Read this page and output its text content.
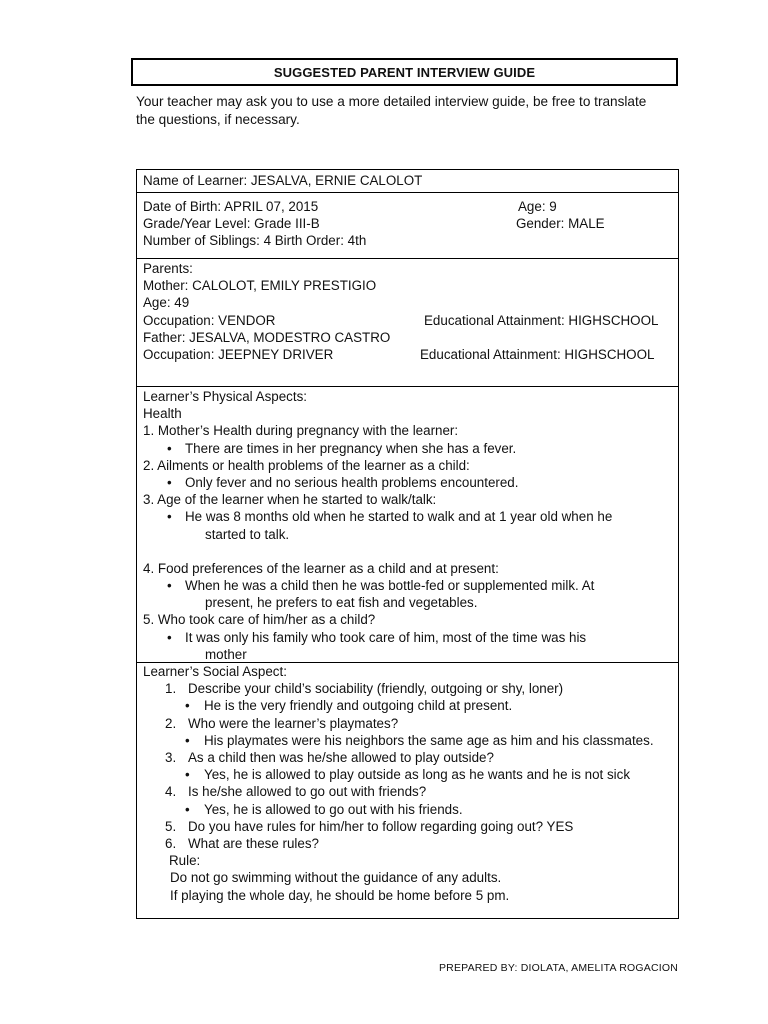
SUGGESTED PARENT INTERVIEW GUIDE
Your teacher may ask you to use a more detailed interview guide, be free to translate
the questions, if necessary.
Name of Learner: JESALVA, ERNIE CALOLOT
Date of Birth: APRIL 07, 2015	Age: 9
Grade/Year Level: Grade III-B	Gender: MALE
Number of Siblings: 4 Birth Order: 4th
Parents:
Mother: CALOLOT, EMILY PRESTIGIO
Age: 49
Occupation: VENDOR	Educational Attainment: HIGHSCHOOL
Father: JESALVA, MODESTRO CASTRO
Occupation: JEEPNEY DRIVER	Educational Attainment: HIGHSCHOOL
Learner’s Physical Aspects:
Health
1. Mother’s Health during pregnancy with the learner:
• There are times in her pregnancy when she has a fever.
2. Ailments or health problems of the learner as a child:
• Only fever and no serious health problems encountered.
3. Age of the learner when he started to walk/talk:
• He was 8 months old when he started to walk and at 1 year old when he
started to talk.
4. Food preferences of the learner as a child and at present:
• When he was a child then he was bottle-fed or supplemented milk. At
present, he prefers to eat fish and vegetables.
5. Who took care of him/her as a child?
• It was only his family who took care of him, most of the time was his
mother
Learner’s Social Aspect:
1. Describe your child’s sociability (friendly, outgoing or shy, loner)
• He is the very friendly and outgoing child at present.
2. Who were the learner’s playmates?
• His playmates were his neighbors the same age as him and his classmates.
3. As a child then was he/she allowed to play outside?
• Yes, he is allowed to play outside as long as he wants and he is not sick
4. Is he/she allowed to go out with friends?
• Yes, he is allowed to go out with his friends.
5. Do you have rules for him/her to follow regarding going out? YES
6. What are these rules?
Rule:
Do not go swimming without the guidance of any adults.
If playing the whole day, he should be home before 5 pm.
PREPARED BY: DIOLATA, AMELITA ROGACION
